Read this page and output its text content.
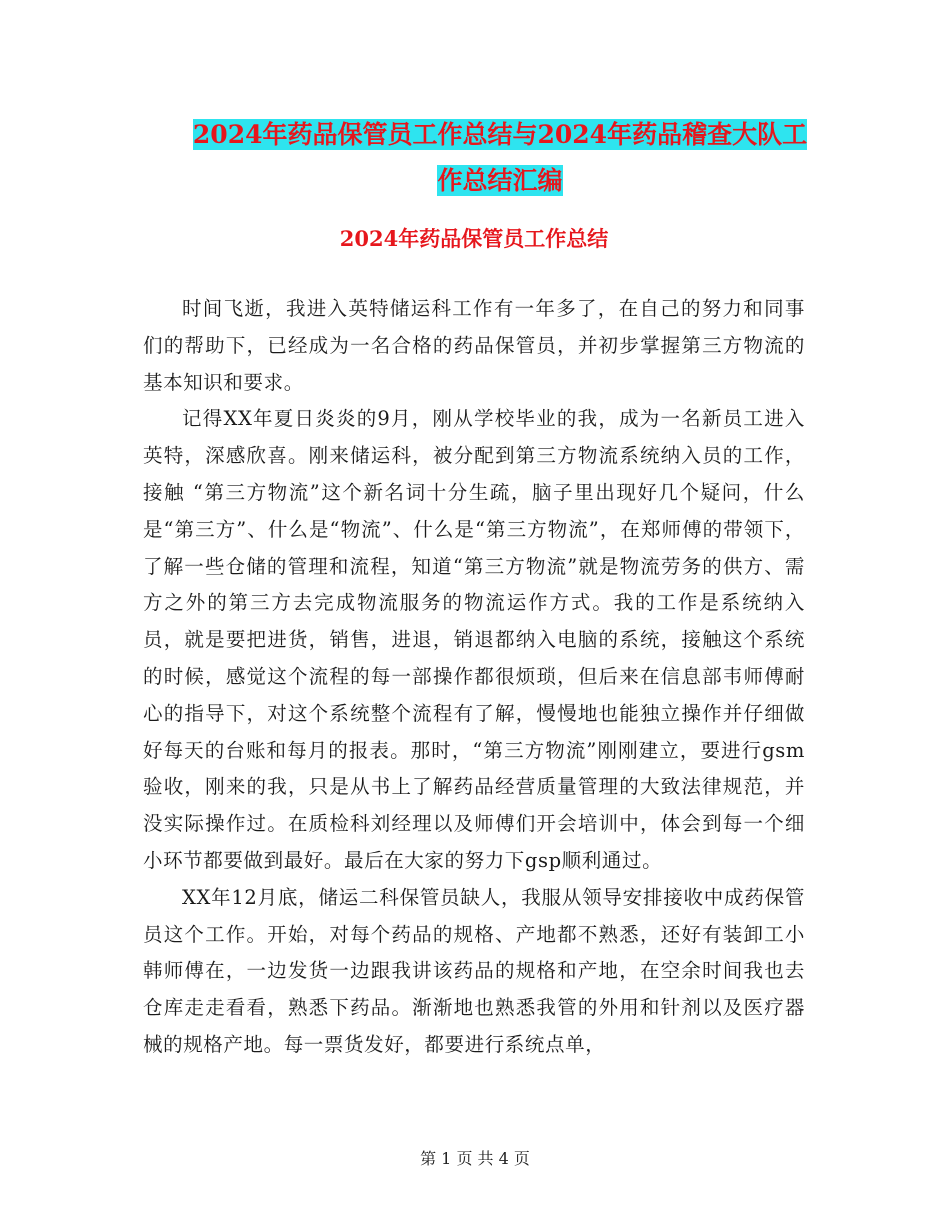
2024年药品保管员工作总结与2024年药品稽查大队工
作总结汇编
2024年药品保管员工作总结

时间飞逝，我进入英特储运科工作有一年多了，在自己的努力和同事们的帮助下，已经成为一名合格的药品保管员，并初步掌握第三方物流的基本知识和要求。

记得XX年夏日炎炎的9月，刚从学校毕业的我，成为一名新员工进入英特，深感欣喜。刚来储运科，被分配到第三方物流系统纳入员的工作，接触 “第三方物流”这个新名词十分生疏，脑子里出现好几个疑问，什么是“第三方”、什么是“物流”、什么是“第三方物流”，在郑师傅的带领下，了解一些仓储的管理和流程，知道“第三方物流”就是物流劳务的供方、需方之外的第三方去完成物流服务的物流运作方式。我的工作是系统纳入员，就是要把进货，销售，进退，销退都纳入电脑的系统，接触这个系统的时候，感觉这个流程的每一部操作都很烦琐，但后来在信息部韦师傅耐心的指导下，对这个系统整个流程有了解，慢慢地也能独立操作并仔细做好每天的台账和每月的报表。那时，“第三方物流”刚刚建立，要进行gsm验收，刚来的我，只是从书上了解药品经营质量管理的大致法律规范，并没实际操作过。在质检科刘经理以及师傅们开会培训中，体会到每一个细小环节都要做到最好。最后在大家的努力下gsp顺利通过。

XX年12月底，储运二科保管员缺人，我服从领导安排接收中成药保管员这个工作。开始，对每个药品的规格、产地都不熟悉，还好有装卸工小韩师傅在，一边发货一边跟我讲该药品的规格和产地，在空余时间我也去仓库走走看看，熟悉下药品。渐渐地也熟悉我管的外用和针剂以及医疗器械的规格产地。每一票货发好，都要进行系统点单，

第 1 页 共 4 页
